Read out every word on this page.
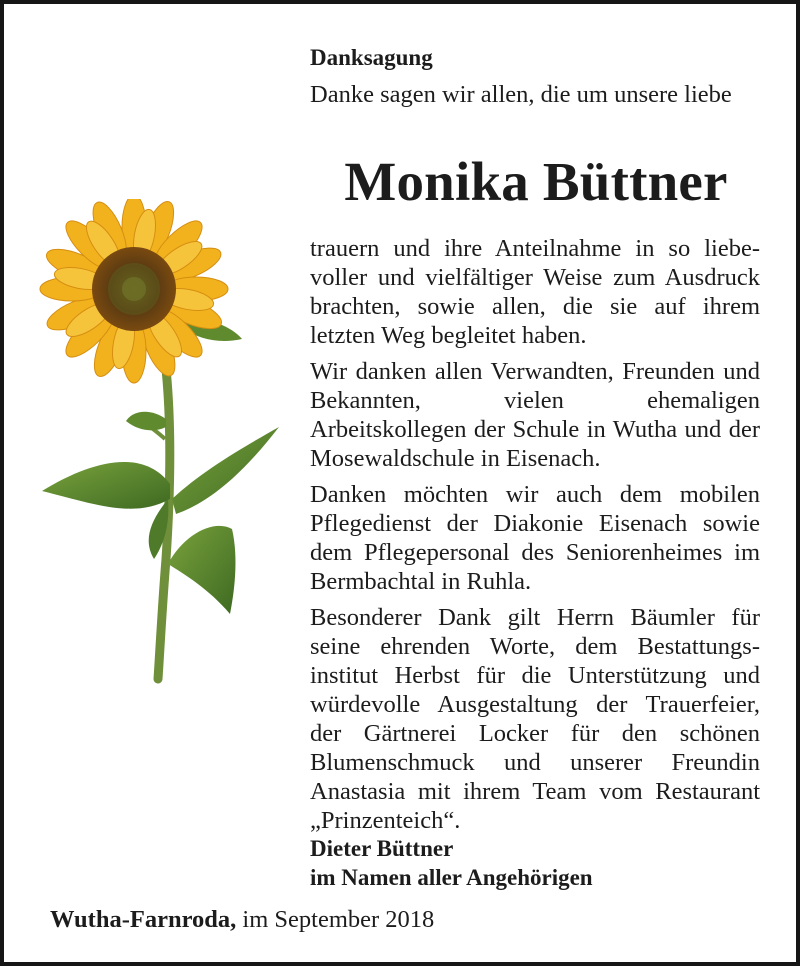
Danksagung
Danke sagen wir allen, die um unsere liebe
Monika Büttner

trauern und ihre Anteilnahme in so liebevoller und vielfältiger Weise zum Ausdruck brachten, sowie allen, die sie auf ihrem letzten Weg begleitet haben.

Wir danken allen Verwandten, Freunden und Bekannten, vielen ehemaligen Arbeitskollegen der Schule in Wutha und der Mosewaldschule in Eisenach.

Danken möchten wir auch dem mobilen Pflegedienst der Diakonie Eisenach sowie dem Pflegepersonal des Seniorenheimes im Bermbachtal in Ruhla.

Besonderer Dank gilt Herrn Bäumler für seine ehrenden Worte, dem Bestattungsinstitut Herbst für die Unterstützung und würdevolle Ausgestaltung der Trauerfeier, der Gärtnerei Locker für den schönen Blumenschmuck und unserer Freundin Anastasia mit ihrem Team vom Restaurant „Prinzenteich“.

Dieter Büttner
im Namen aller Angehörigen
Wutha-Farnroda, im September 2018
